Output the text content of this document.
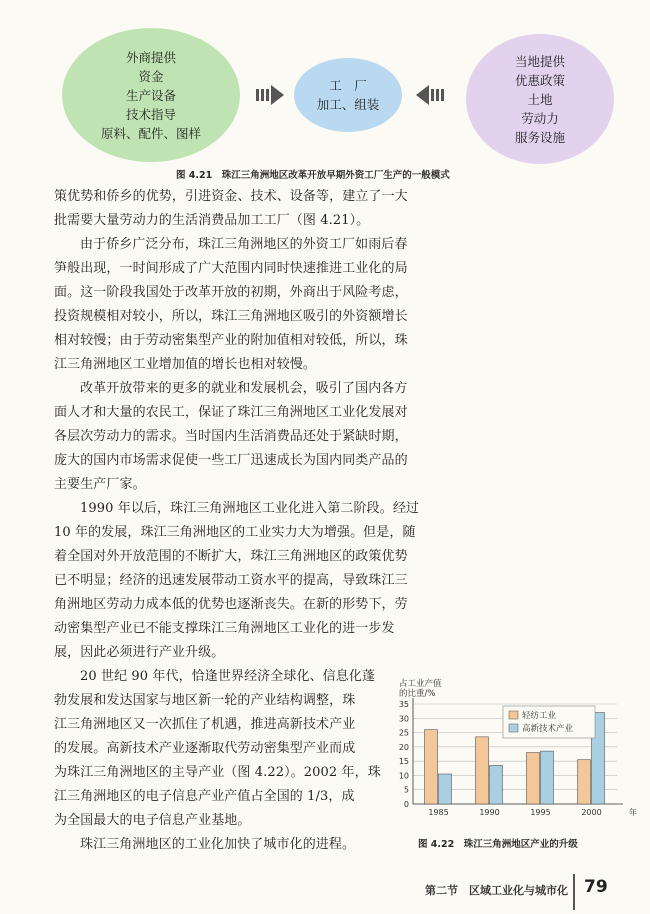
外商提供
资金
生产设备
技术指导
原料、配件、图样
工　厂
加工、组装
当地提供
优惠政策
土地
劳动力
服务设施
图 4.21　珠江三角洲地区改革开放早期外资工厂生产的一般模式
策优势和侨乡的优势，引进资金、技术、设备等，建立了一大
批需要大量劳动力的生活消费品加工工厂（图 4.21）。
由于侨乡广泛分布，珠江三角洲地区的外资工厂如雨后春
笋般出现，一时间形成了广大范围内同时快速推进工业化的局
面。这一阶段我国处于改革开放的初期，外商出于风险考虑，
投资规模相对较小，所以，珠江三角洲地区吸引的外资额增长
相对较慢；由于劳动密集型产业的附加值相对较低，所以，珠
江三角洲地区工业增加值的增长也相对较慢。
改革开放带来的更多的就业和发展机会，吸引了国内各方
面人才和大量的农民工，保证了珠江三角洲地区工业化发展对
各层次劳动力的需求。当时国内生活消费品还处于紧缺时期，
庞大的国内市场需求促使一些工厂迅速成长为国内同类产品的
主要生产厂家。
1990 年以后，珠江三角洲地区工业化进入第二阶段。经过
10 年的发展，珠江三角洲地区的工业实力大为增强。但是，随
着全国对外开放范围的不断扩大，珠江三角洲地区的政策优势
已不明显；经济的迅速发展带动工资水平的提高，导致珠江三
角洲地区劳动力成本低的优势也逐渐丧失。在新的形势下，劳
动密集型产业已不能支撑珠江三角洲地区工业化的进一步发
展，因此必须进行产业升级。
20 世纪 90 年代，恰逢世界经济全球化、信息化蓬
勃发展和发达国家与地区新一轮的产业结构调整，珠
江三角洲地区又一次抓住了机遇，推进高新技术产业
的发展。高新技术产业逐渐取代劳动密集型产业而成
为珠江三角洲地区的主导产业（图 4.22）。2002 年，珠
江三角洲地区的电子信息产业产值占全国的 1/3，成
为全国最大的电子信息产业基地。
珠江三角洲地区的工业化加快了城市化的进程。
占工业产值
的比重/%
0
5
10
15
20
25
30
35
1985	1990	1995	2000	年
轻纺工业
高新技术产业
图 4.22　珠江三角洲地区产业的升级
第二节　区域工业化与城市化 79
